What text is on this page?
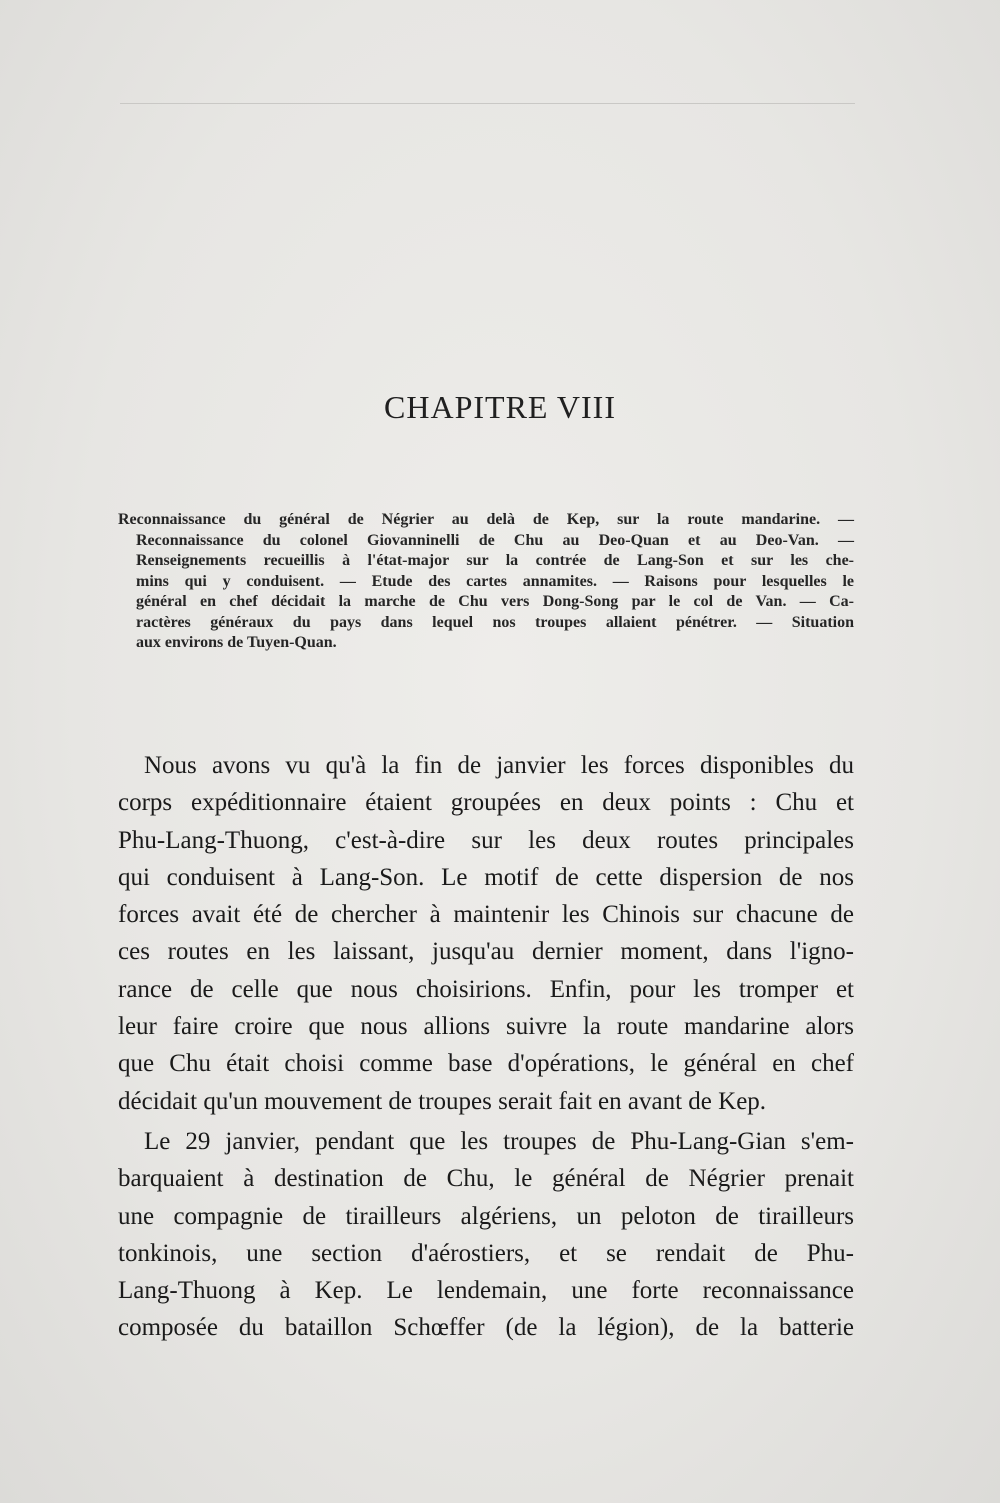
CHAPITRE VIII
Reconnaissance du général de Négrier au delà de Kep, sur la route mandarine. —
Reconnaissance du colonel Giovanninelli de Chu au Deo-Quan et au Deo-Van. —
Renseignements recueillis à l'état-major sur la contrée de Lang-Son et sur les che-
mins qui y conduisent. — Etude des cartes annamites. — Raisons pour lesquelles le
général en chef décidait la marche de Chu vers Dong-Song par le col de Van. — Ca-
ractères généraux du pays dans lequel nos troupes allaient pénétrer. — Situation
aux environs de Tuyen-Quan.
Nous avons vu qu'à la fin de janvier les forces disponibles du
corps expéditionnaire étaient groupées en deux points : Chu et
Phu-Lang-Thuong, c'est-à-dire sur les deux routes principales
qui conduisent à Lang-Son. Le motif de cette dispersion de nos
forces avait été de chercher à maintenir les Chinois sur chacune de
ces routes en les laissant, jusqu'au dernier moment, dans l'igno-
rance de celle que nous choisirions. Enfin, pour les tromper et
leur faire croire que nous allions suivre la route mandarine alors
que Chu était choisi comme base d'opérations, le général en chef
décidait qu'un mouvement de troupes serait fait en avant de Kep.
Le 29 janvier, pendant que les troupes de Phu-Lang-Gian s'em-
barquaient à destination de Chu, le général de Négrier prenait
une compagnie de tirailleurs algériens, un peloton de tirailleurs
tonkinois, une section d'aérostiers, et se rendait de Phu-
Lang-Thuong à Kep. Le lendemain, une forte reconnaissance
composée du bataillon Schœffer (de la légion), de la batterie
